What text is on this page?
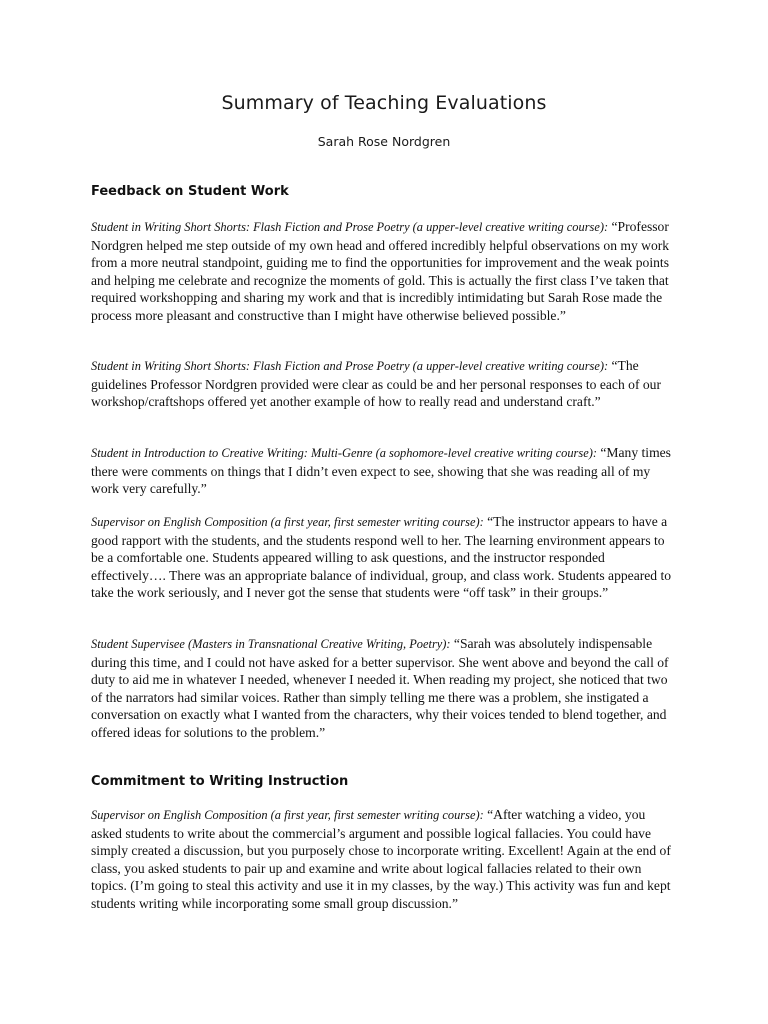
Summary of Teaching Evaluations
Sarah Rose Nordgren
Feedback on Student Work

Student in Writing Short Shorts: Flash Fiction and Prose Poetry (a upper-level creative writing course): “Professor Nordgren helped me step outside of my own head and offered incredibly helpful observations on my work from a more neutral standpoint, guiding me to find the opportunities for improvement and the weak points and helping me celebrate and recognize the moments of gold. This is actually the first class I’ve taken that required workshopping and sharing my work and that is incredibly intimidating but Sarah Rose made the process more pleasant and constructive than I might have otherwise believed possible.”

Student in Writing Short Shorts: Flash Fiction and Prose Poetry (a upper-level creative writing course): “The guidelines Professor Nordgren provided were clear as could be and her personal responses to each of our workshop/craftshops offered yet another example of how to really read and understand craft.”

Student in Introduction to Creative Writing: Multi-Genre (a sophomore-level creative writing course): “Many times there were comments on things that I didn’t even expect to see, showing that she was reading all of my work very carefully.”

Supervisor on English Composition (a first year, first semester writing course): “The instructor appears to have a good rapport with the students, and the students respond well to her. The learning environment appears to be a comfortable one. Students appeared willing to ask questions, and the instructor responded effectively…. There was an appropriate balance of individual, group, and class work. Students appeared to take the work seriously, and I never got the sense that students were “off task” in their groups.”

Student Supervisee (Masters in Transnational Creative Writing, Poetry): “Sarah was absolutely indispensable during this time, and I could not have asked for a better supervisor. She went above and beyond the call of duty to aid me in whatever I needed, whenever I needed it. When reading my project, she noticed that two of the narrators had similar voices. Rather than simply telling me there was a problem, she instigated a conversation on exactly what I wanted from the characters, why their voices tended to blend together, and offered ideas for solutions to the problem.”

Commitment to Writing Instruction

Supervisor on English Composition (a first year, first semester writing course): “After watching a video, you asked students to write about the commercial’s argument and possible logical fallacies. You could have simply created a discussion, but you purposely chose to incorporate writing. Excellent! Again at the end of class, you asked students to pair up and examine and write about logical fallacies related to their own topics. (I’m going to steal this activity and use it in my classes, by the way.) This activity was fun and kept students writing while incorporating some small group discussion.”
